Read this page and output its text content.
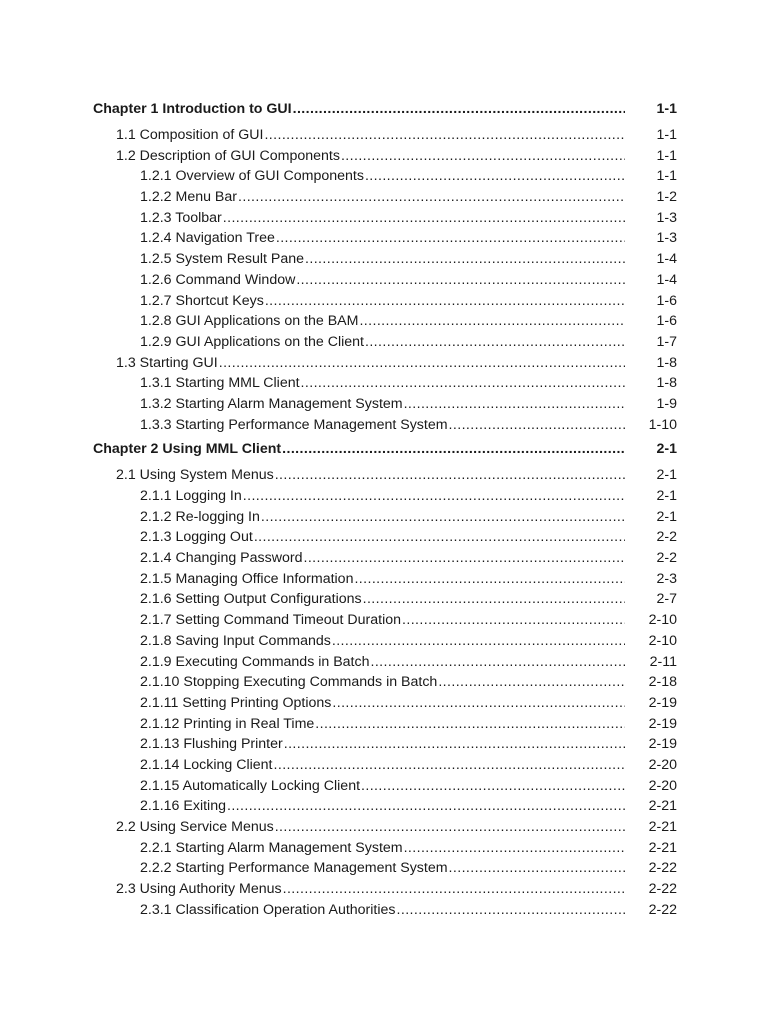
Chapter 1 Introduction to GUI .....	1-1
1.1 Composition of GUI .....	1-1
1.2 Description of GUI Components .....	1-1
1.2.1 Overview of GUI Components .....	1-1
1.2.2 Menu Bar .....	1-2
1.2.3 Toolbar .....	1-3
1.2.4 Navigation Tree .....	1-3
1.2.5 System Result Pane .....	1-4
1.2.6 Command Window .....	1-4
1.2.7 Shortcut Keys .....	1-6
1.2.8 GUI Applications on the BAM .....	1-6
1.2.9 GUI Applications on the Client .....	1-7
1.3 Starting GUI .....	1-8
1.3.1 Starting MML Client .....	1-8
1.3.2 Starting Alarm Management System .....	1-9
1.3.3 Starting Performance Management System .....	1-10
Chapter 2 Using MML Client .....	2-1
2.1 Using System Menus .....	2-1
2.1.1 Logging In .....	2-1
2.1.2 Re-logging In .....	2-1
2.1.3 Logging Out .....	2-2
2.1.4 Changing Password .....	2-2
2.1.5 Managing Office Information .....	2-3
2.1.6 Setting Output Configurations .....	2-7
2.1.7 Setting Command Timeout Duration .....	2-10
2.1.8 Saving Input Commands .....	2-10
2.1.9 Executing Commands in Batch .....	2-11
2.1.10 Stopping Executing Commands in Batch .....	2-18
2.1.11 Setting Printing Options .....	2-19
2.1.12 Printing in Real Time .....	2-19
2.1.13 Flushing Printer .....	2-19
2.1.14 Locking Client .....	2-20
2.1.15 Automatically Locking Client .....	2-20
2.1.16 Exiting .....	2-21
2.2 Using Service Menus .....	2-21
2.2.1 Starting Alarm Management System .....	2-21
2.2.2 Starting Performance Management System .....	2-22
2.3 Using Authority Menus .....	2-22
2.3.1 Classification Operation Authorities .....	2-22
